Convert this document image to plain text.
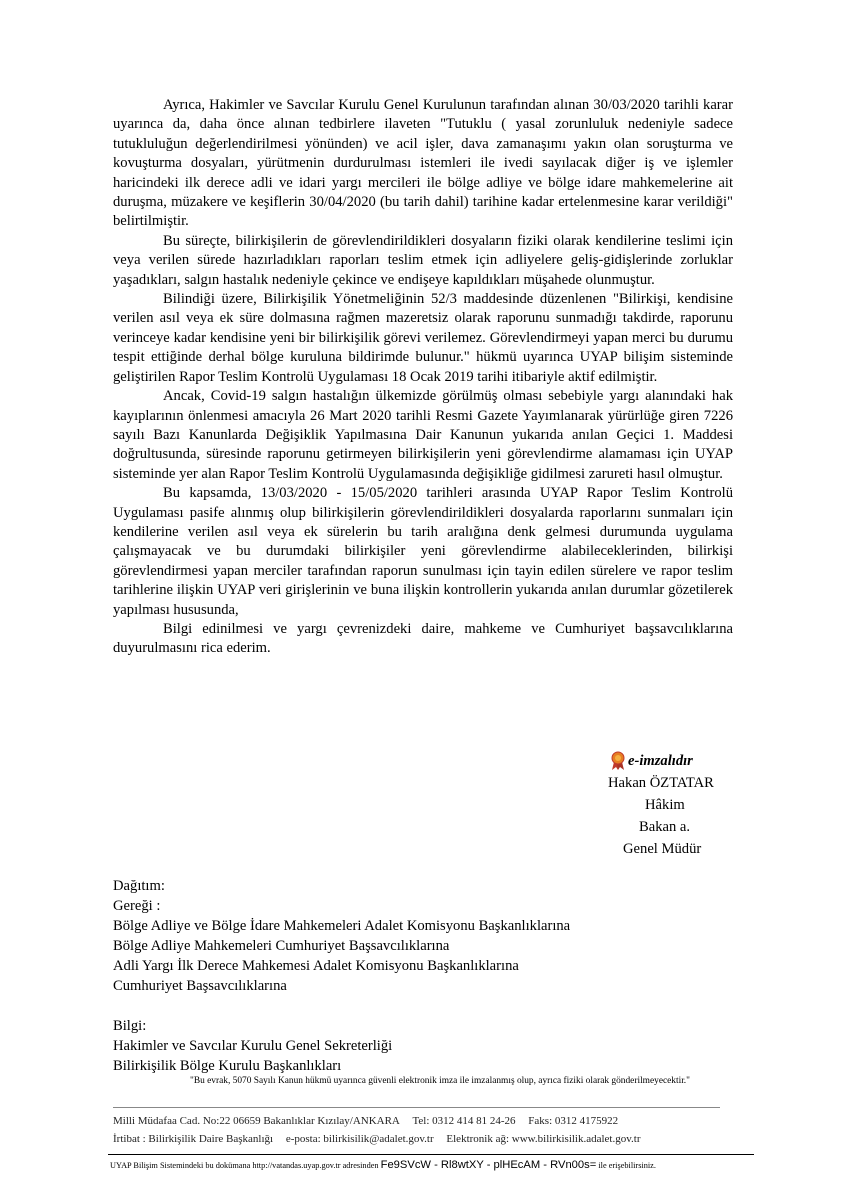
Ayrıca, Hakimler ve Savcılar Kurulu Genel Kurulunun tarafından alınan 30/03/2020 tarihli karar uyarınca da, daha önce alınan tedbirlere ilaveten "Tutuklu ( yasal zorunluluk nedeniyle sadece tutukluluğun değerlendirilmesi yönünden) ve acil işler, dava zamanaşımı yakın olan soruşturma ve kovuşturma dosyaları, yürütmenin durdurulması istemleri ile ivedi sayılacak diğer iş ve işlemler haricindeki ilk derece adli ve idari yargı mercileri ile bölge adliye ve bölge idare mahkemelerine ait duruşma, müzakere ve keşiflerin 30/04/2020 (bu tarih dahil) tarihine kadar ertelenmesine karar verildiği" belirtilmiştir.

Bu süreçte, bilirkişilerin de görevlendirildikleri dosyaların fiziki olarak kendilerine teslimi için veya verilen sürede hazırladıkları raporları teslim etmek için adliyelere geliş-gidişlerinde zorluklar yaşadıkları, salgın hastalık nedeniyle çekince ve endişeye kapıldıkları müşahede olunmuştur.

Bilindiği üzere, Bilirkişilik Yönetmeliğinin 52/3 maddesinde düzenlenen "Bilirkişi, kendisine verilen asıl veya ek süre dolmasına rağmen mazeretsiz olarak raporunu sunmadığı takdirde, raporunu verinceye kadar kendisine yeni bir bilirkişilik görevi verilemez. Görevlendirmeyi yapan merci bu durumu tespit ettiğinde derhal bölge kuruluna bildirimde bulunur." hükmü uyarınca UYAP bilişim sisteminde geliştirilen Rapor Teslim Kontrolü Uygulaması 18 Ocak 2019 tarihi itibariyle aktif edilmiştir.

Ancak, Covid-19 salgın hastalığın ülkemizde görülmüş olması sebebiyle yargı alanındaki hak kayıplarının önlenmesi amacıyla 26 Mart 2020 tarihli Resmi Gazete Yayımlanarak yürürlüğe giren 7226 sayılı Bazı Kanunlarda Değişiklik Yapılmasına Dair Kanunun yukarıda anılan Geçici 1. Maddesi doğrultusunda, süresinde raporunu getirmeyen bilirkişilerin yeni görevlendirme alamaması için UYAP sisteminde yer alan Rapor Teslim Kontrolü Uygulamasında değişikliğe gidilmesi zarureti hasıl olmuştur.

Bu kapsamda, 13/03/2020 - 15/05/2020 tarihleri arasında UYAP Rapor Teslim Kontrolü Uygulaması pasife alınmış olup bilirkişilerin görevlendirildikleri dosyalarda raporlarını sunmaları için kendilerine verilen asıl veya ek sürelerin bu tarih aralığına denk gelmesi durumunda uygulama çalışmayacak ve bu durumdaki bilirkişiler yeni görevlendirme alabileceklerinden, bilirkişi görevlendirmesi yapan merciler tarafından raporun sunulması için tayin edilen sürelere ve rapor teslim tarihlerine ilişkin UYAP veri girişlerinin ve buna ilişkin kontrollerin yukarıda anılan durumlar gözetilerek yapılması hususunda,

Bilgi edinilmesi ve yargı çevrenizdeki daire, mahkeme ve Cumhuriyet başsavcılıklarına duyurulmasını rica ederim.

e-imzalıdır
Hakan ÖZTATAR
Hâkim
Bakan a.
Genel Müdür
Dağıtım:
Gereği :
Bölge Adliye ve Bölge İdare Mahkemeleri Adalet Komisyonu Başkanlıklarına
Bölge Adliye Mahkemeleri Cumhuriyet Başsavcılıklarına
Adli Yargı İlk Derece Mahkemesi Adalet Komisyonu Başkanlıklarına
Cumhuriyet Başsavcılıklarına
Bilgi:
Hakimler ve Savcılar Kurulu Genel Sekreterliği
Bilirkişilik Bölge Kurulu Başkanlıkları
"Bu evrak, 5070 Sayılı Kanun hükmü uyarınca güvenli elektronik imza ile imzalanmış olup, ayrıca fiziki olarak gönderilmeyecektir."
Milli Müdafaa Cad. No:22 06659 Bakanlıklar Kızılay/ANKARA Tel: 0312 414 81 24-26 Faks: 0312 4175922
İrtibat : Bilirkişilik Daire Başkanlığı e-posta: bilirkisilik@adalet.gov.tr Elektronik ağ: www.bilirkisilik.adalet.gov.tr
UYAP Bilişim Sistemindeki bu dokümana http://vatandas.uyap.gov.tr adresinden Fe9SVcW - Rl8wtXY - plHEcAM - RVn00s= ile erişebilirsiniz.
